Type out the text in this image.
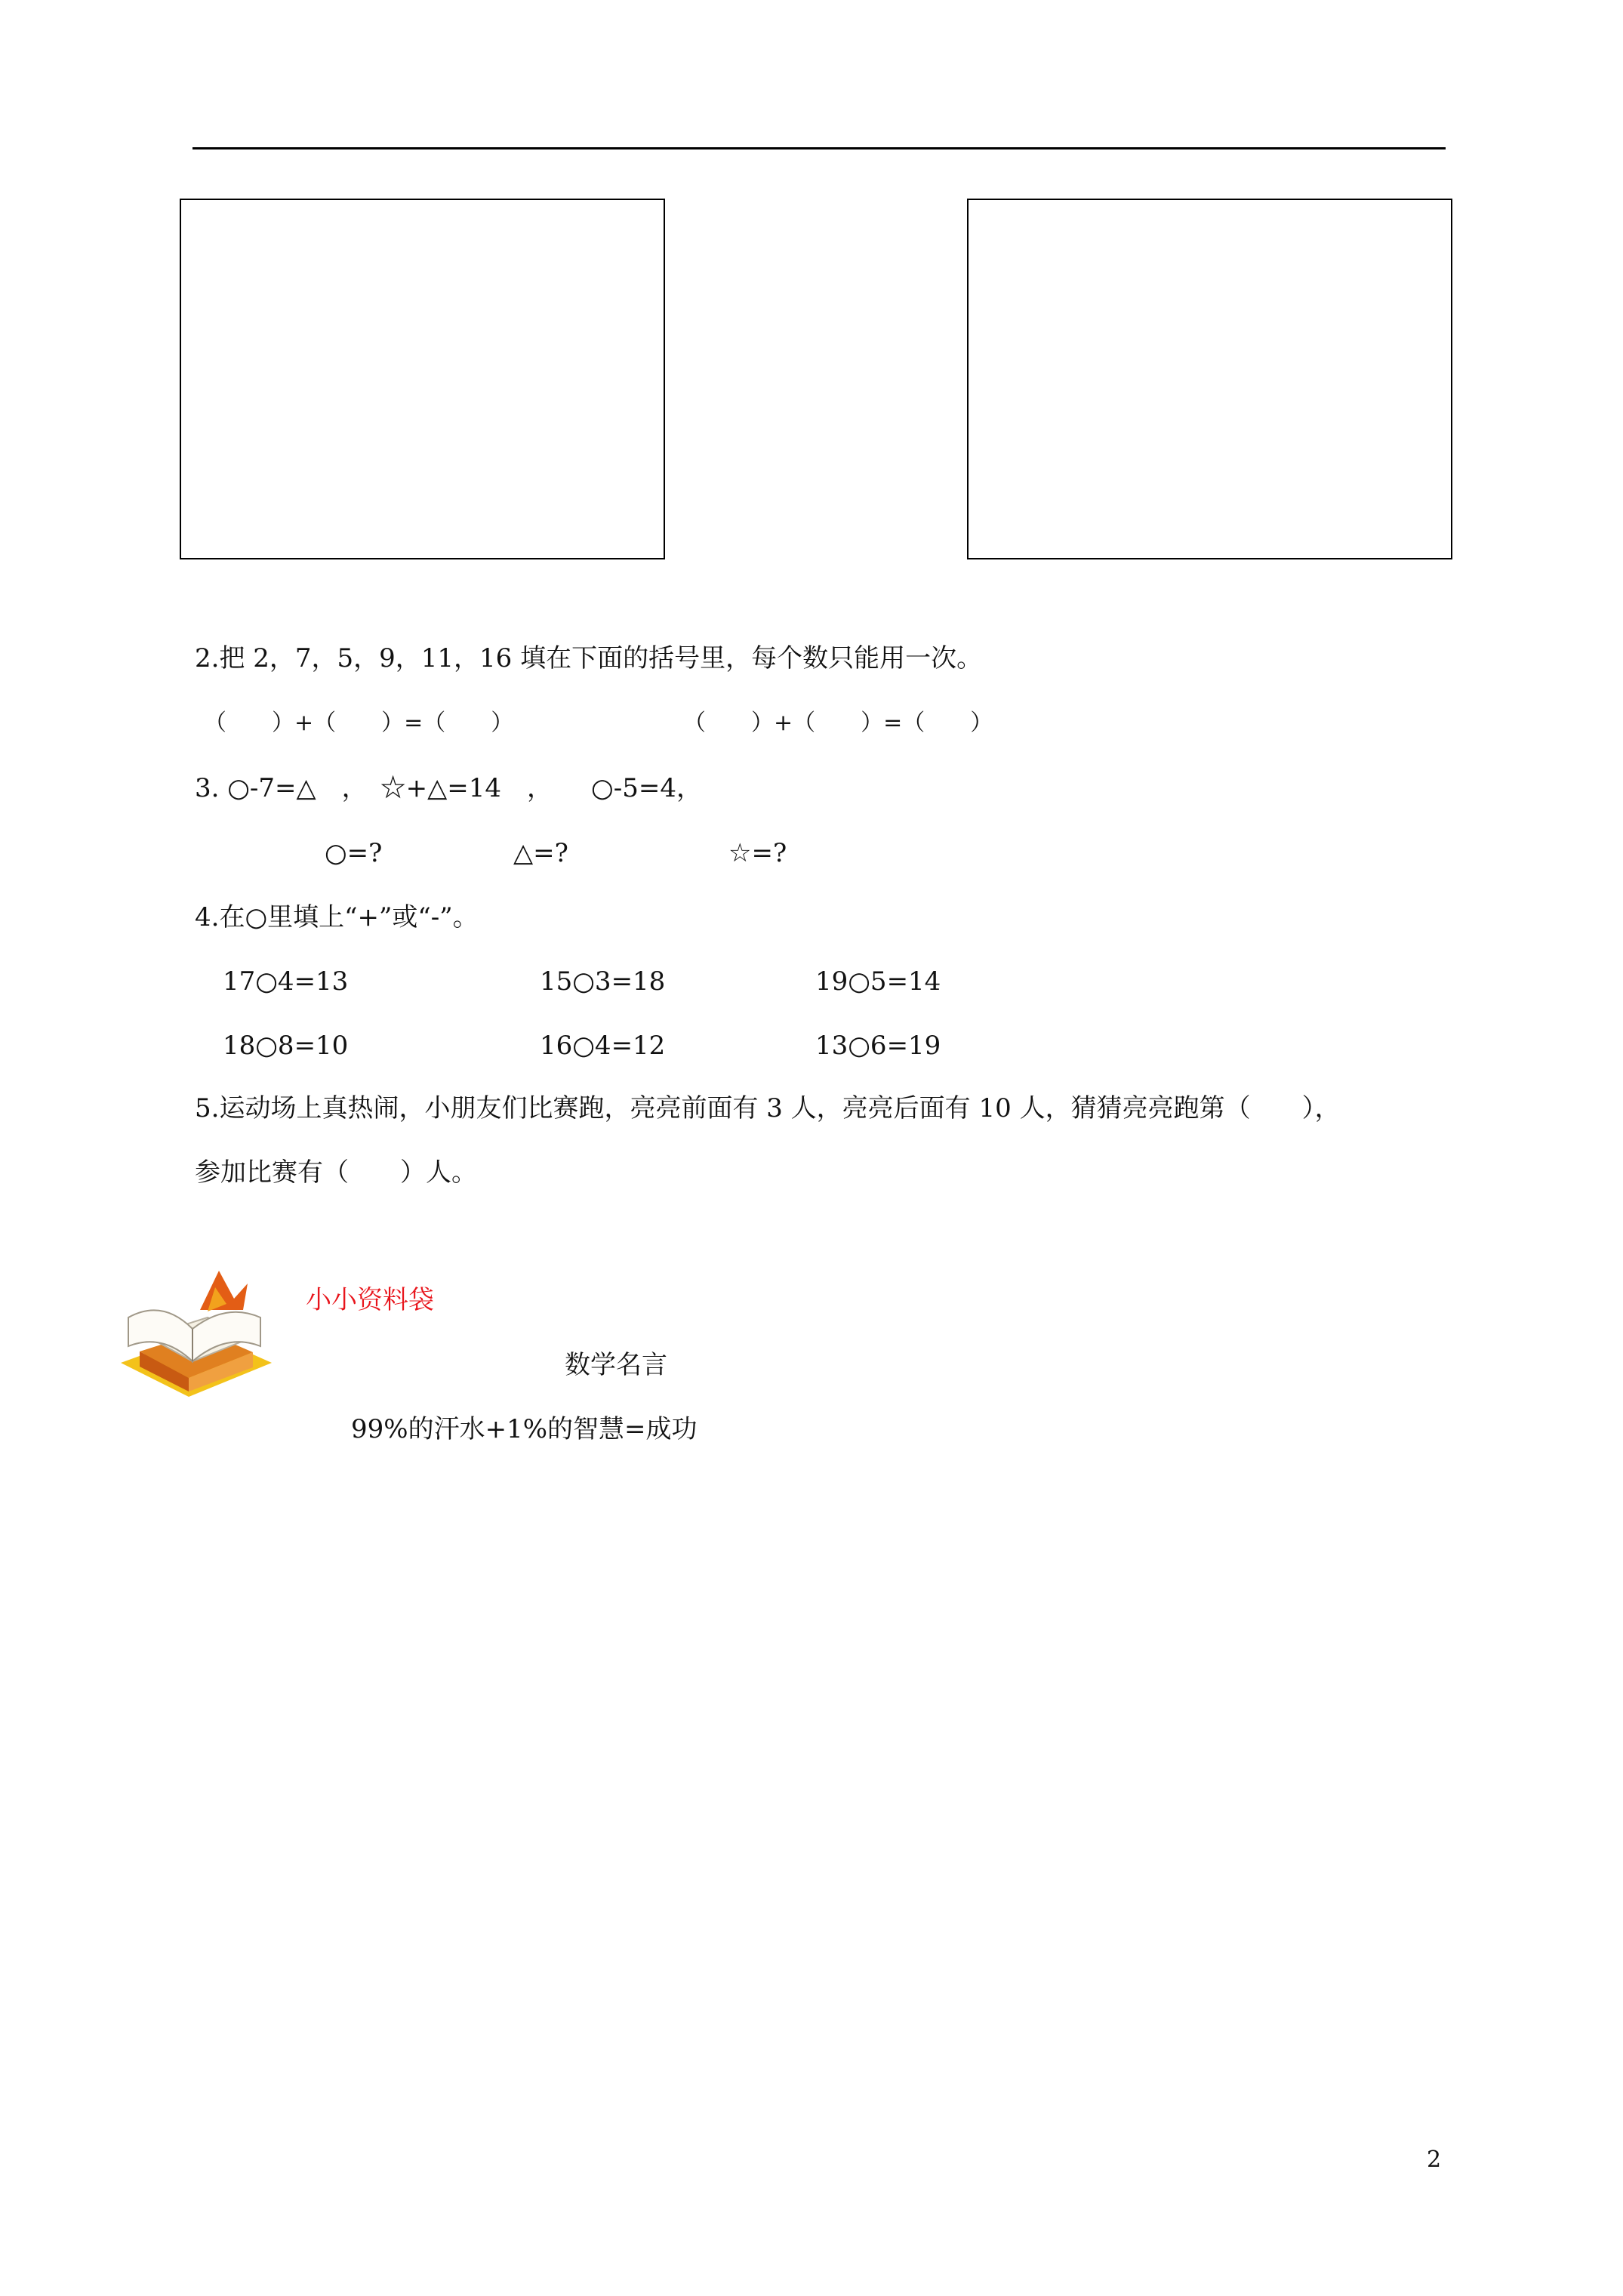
2.把 2，7，5，9，11，16 填在下面的括号里，每个数只能用一次。
（　　）+（　　）=（　　）	（　　）+（　　）=（　　）
3. ○-7=△　，　☆+△=14　，　　○-5=4，
○=?	△=?	☆=?
4.在○里填上“+”或“-”。
17○4=13	15○3=18	19○5=14
18○8=10	16○4=12	13○6=19
5.运动场上真热闹，小朋友们比赛跑，亮亮前面有 3 人，亮亮后面有 10 人，猜猜亮亮跑第（　　），
参加比赛有（　　）人。
小小资料袋
数学名言
99%的汗水+1%的智慧=成功
2
